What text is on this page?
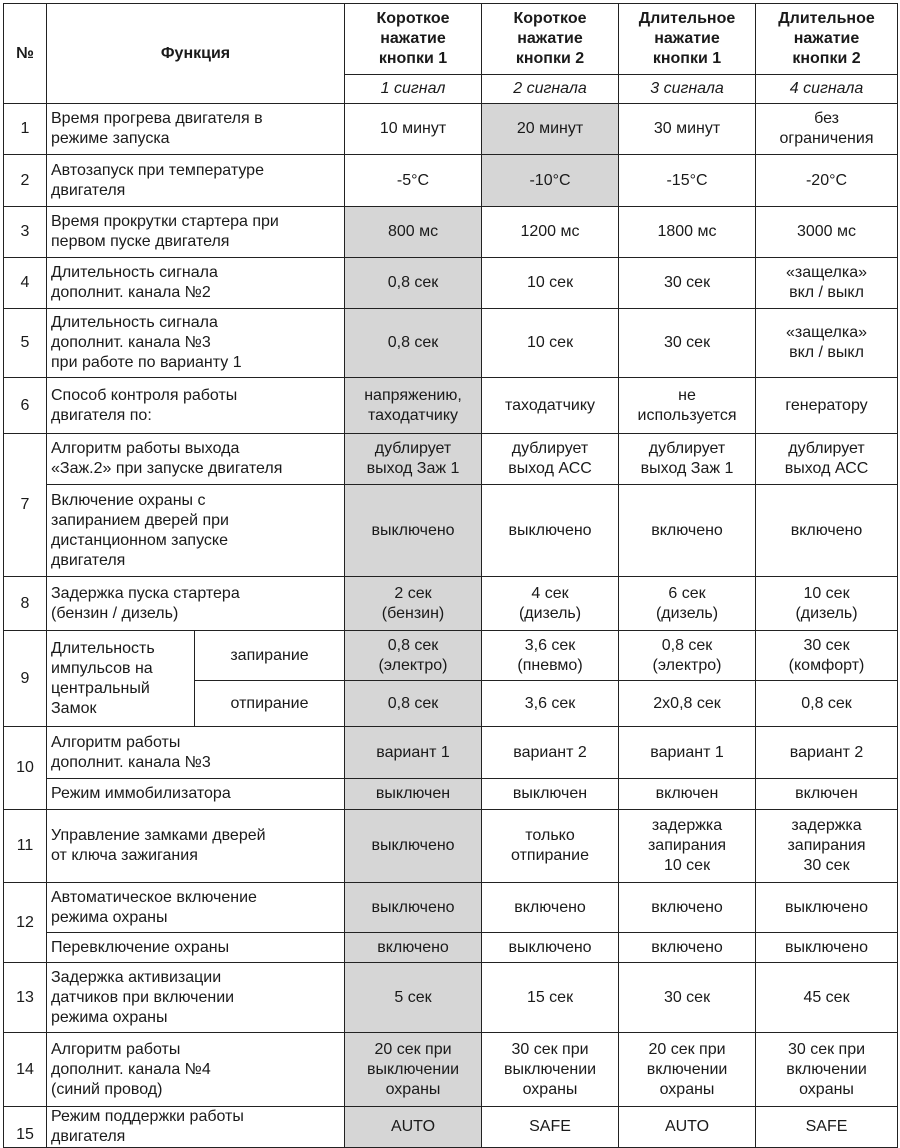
№	Функция		Короткое
нажатие
кнопки 1	Короткое
нажатие
кнопки 2	Длительное
нажатие
кнопки 1	Длительное
нажатие
кнопки 2
			1 сигнал	2 сигнала	3 сигнала	4 сигнала
1	Время прогрева двигателя в
режиме запуска		10 минут	20 минут	30 минут	без
ограничения
2	Автозапуск при температуре
двигателя		-5°C	-10°C	-15°C	-20°C
3	Время прокрутки стартера при
первом пуске двигателя		800 мс	1200 мс	1800 мс	3000 мс
4	Длительность сигнала
дополнит. канала №2		0,8 сек	10 сек	30 сек	«защелка»
вкл / выкл
5	Длительность сигнала
дополнит. канала №3
при работе по варианту 1		0,8 сек	10 сек	30 сек	«защелка»
вкл / выкл
6	Способ контроля работы
двигателя по:		напряжению,
таходатчику	таходатчику	не
используется	генератору
7	Алгоритм работы выхода
«Заж.2» при запуске двигателя		дублирует
выход Заж 1	дублирует
выход АСС	дублирует
выход Заж 1	дублирует
выход АСС
	Включение охраны с
запиранием дверей при
дистанционном запуске
двигателя		выключено	выключено	включено	включено
8	Задержка пуска стартера
(бензин / дизель)		2 сек
(бензин)	4 сек
(дизель)	6 сек
(дизель)	10 сек
(дизель)
9	Длительность
импульсов на
центральный
Замок	запирание	0,8 сек
(электро)	3,6 сек
(пневмо)	0,8 сек
(электро)	30 сек
(комфорт)
		отпирание	0,8 сек	3,6 сек	2x0,8 сек	0,8 сек
10	Алгоритм работы
дополнит. канала №3		вариант 1	вариант 2	вариант 1	вариант 2
	Режим иммобилизатора		выключен	выключен	включен	включен
11	Управление замками дверей
от ключа зажигания		выключено	только
отпирание	задержка
запирания
10 сек	задержка
запирания
30 сек
12	Автоматическое включение
режима охраны		выключено	включено	включено	выключено
	Перевключение охраны		включено	выключено	включено	выключено
13	Задержка активизации
датчиков при включении
режима охраны		5 сек	15 сек	30 сек	45 сек
14	Алгоритм работы
дополнит. канала №4
(синий провод)		20 сек при
выключении
охраны	30 сек при
выключении
охраны	20 сек при
включении
охраны	30 сек при
включении
охраны
15	Режим поддержки работы
двигателя		AUTO	SAFE	AUTO	SAFE
